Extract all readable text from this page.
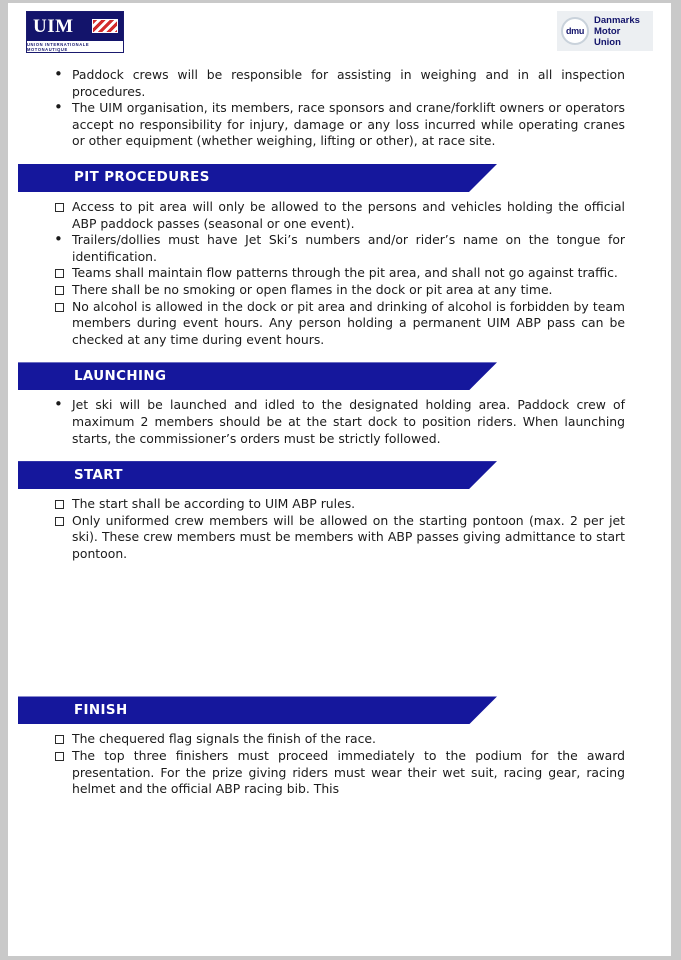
UIM
UNION INTERNATIONALE MOTONAUTIQUE
dmu
Danmarks
Motor
Union
• Paddock crews will be responsible for assisting in weighing and in all inspection procedures.
• The UIM organisation, its members, race sponsors and crane/forklift owners or operators accept no responsibility for injury, damage or any loss incurred while operating cranes or other equipment (whether weighing, lifting or other), at race site.
PIT PROCEDURES
Access to pit area will only be allowed to the persons and vehicles holding the official ABP paddock passes (seasonal or one event).
• Trailers/dollies must have Jet Ski’s numbers and/or rider’s name on the tongue for identification.
Teams shall maintain flow patterns through the pit area, and shall not go against traffic.
There shall be no smoking or open flames in the dock or pit area at any time.
No alcohol is allowed in the dock or pit area and drinking of alcohol is forbidden by team members during event hours. Any person holding a permanent UIM ABP pass can be checked at any time during event hours.
LAUNCHING
• Jet ski will be launched and idled to the designated holding area. Paddock crew of maximum 2 members should be at the start dock to position riders. When launching starts, the commissioner’s orders must be strictly followed.
START
The start shall be according to UIM ABP rules.
Only uniformed crew members will be allowed on the starting pontoon (max. 2 per jet ski). These crew members must be members with ABP passes giving admittance to start pontoon.
FINISH
The chequered flag signals the finish of the race.
The top three finishers must proceed immediately to the podium for the award presentation. For the prize giving riders must wear their wet suit, racing gear, racing helmet and the official ABP racing bib. This
